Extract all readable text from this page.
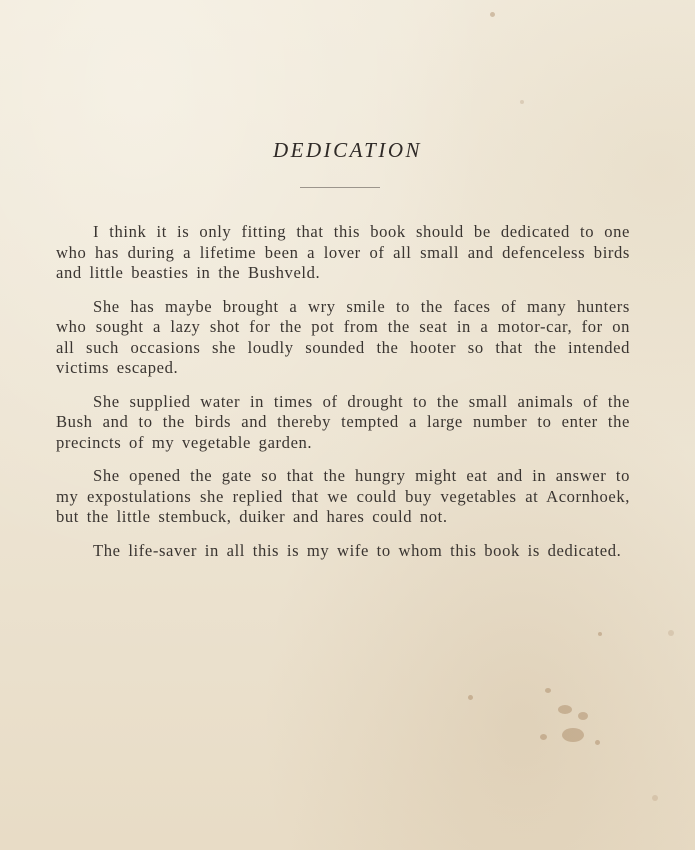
DEDICATION

I think it is only fitting that this book should be dedicated to one who has during a lifetime been a lover of all small and defenceless birds and little beasties in the Bushveld.

She has maybe brought a wry smile to the faces of many hunters who sought a lazy shot for the pot from the seat in a motor-car, for on all such occasions she loudly sounded the hooter so that the intended victims escaped.

She supplied water in times of drought to the small animals of the Bush and to the birds and thereby tempted a large number to enter the precincts of my vegetable garden.

She opened the gate so that the hungry might eat and in answer to my expostulations she replied that we could buy vegetables at Acornhoek, but the little stembuck, duiker and hares could not.

The life-saver in all this is my wife to whom this book is dedicated.
